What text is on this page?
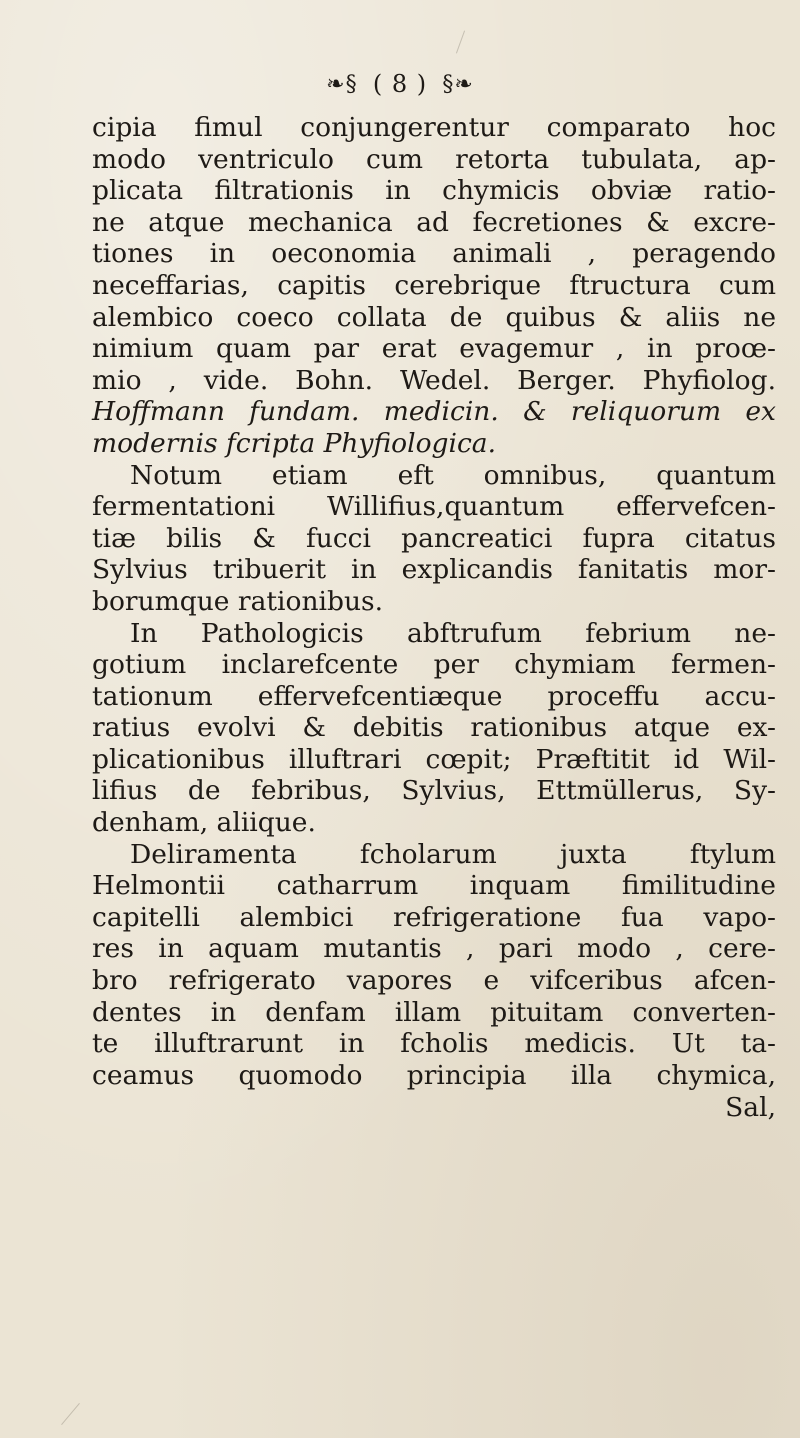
❧§ ( 8 ) §❧
cipia fimul conjungerentur comparato hoc
modo ventriculo cum retorta tubulata, ap-
plicata filtrationis in chymicis obviæ ratio-
ne atque mechanica ad fecretiones & excre-
tiones in oeconomia animali , peragendo
neceffarias, capitis cerebrique ftructura cum
alembico coeco collata de quibus & aliis ne
nimium quam par erat evagemur , in proœ-
mio , vide. Bohn. Wedel. Berger. Phyfiolog.
Hoffmann fundam. medicin. & reliquorum ex
modernis fcripta Phyfiologica.
Notum etiam eft omnibus, quantum
fermentationi Willifius,quantum effervefcen-
tiæ bilis & fucci pancreatici fupra citatus
Sylvius tribuerit in explicandis fanitatis mor-
borumque rationibus.
In Pathologicis abftrufum febrium ne-
gotium inclarefcente per chymiam fermen-
tationum effervefcentiæque proceffu accu-
ratius evolvi & debitis rationibus atque ex-
plicationibus illuftrari cœpit; Præftitit id Wil-
lifius de febribus, Sylvius, Ettmüllerus, Sy-
denham, aliique.
Deliramenta fcholarum juxta ftylum
Helmontii catharrum inquam fimilitudine
capitelli alembici refrigeratione fua vapo-
res in aquam mutantis , pari modo , cere-
bro refrigerato vapores e vifceribus afcen-
dentes in denfam illam pituitam converten-
te illuftrarunt in fcholis medicis. Ut ta-
ceamus quomodo principia illa chymica,
Sal,
